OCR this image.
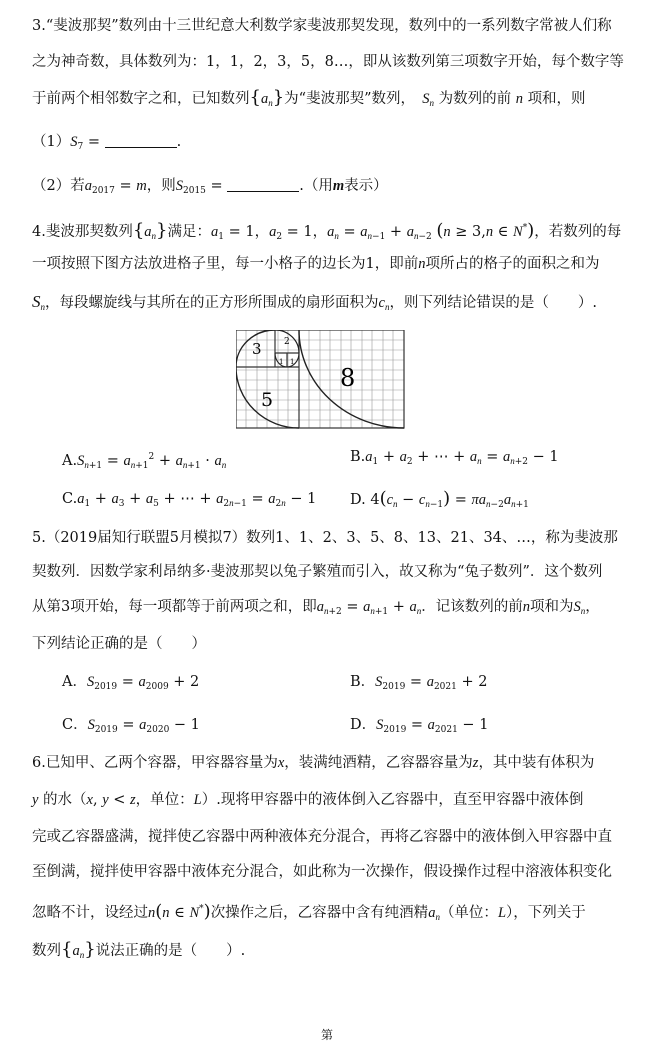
3.“斐波那契”数列由十三世纪意大利数学家斐波那契发现，数列中的一系列数字常被人们称
之为神奇数，具体数列为：1，1，2，3，5，8…，即从该数列第三项数字开始，每个数字等
于前两个相邻数字之和，已知数列$\{a_n\}$为“斐波那契”数列，　 $S_n$ 为数列的前 n 项和，则
$(1)S_7$ =	.
（2）若$a_{2017} = m$，则$S_{2015}$ =	.（用m表示）
4.斐波那契数列$\{a_n\}$满足：$a_1 = 1$，$a_2 = 1$，$a_n = a_{n-1} + a_{n-2}$ (n ≥ 3,n ∈ N*)，若数列的每
一项按照下图方法放进格子里，每一小格子的边长为1，即前n项所占的格子的面积之和为
$S_n$，每段螺旋线与其所在的正方形所围成的扇形面积为$c_n$，则下列结论错误的是（　　）.
3 2
1 1
5
8
$A.S_{n+1} = a_{n+1}^2 + a_{n+1} \cdot a_n$	$B.a_1 + a_2$ + ⋯ + $a_n = a_{n+2} - 1$
$C.a_1 + a_3 + a_5$ + ⋯ + $a_{2n-1} = a_{2n} - 1$ D. $4(c_n - c_{n-1}) = \pi a_{n-2}a_{n+1}$
5.（2019届知行联盟5月模拟7）数列1、1、2、3、5、8、13、21、34、…，称为斐波那
契数列．因数学家利昂纳多·斐波那契以兔子繁殖而引入，故又称为“兔子数列”．这个数列
从第3项开始，每一项都等于前两项之和，即$a_{n+2} = a_{n+1} + a_n$．记该数列的前n项和为$S_n$，
下列结论正确的是（　　）
A．$S_{2019} = a_{2009} + 2$	B．$S_{2019} = a_{2021} + 2$
C．$S_{2019} = a_{2020} - 1$	D．$S_{2019} = a_{2021} - 1$
6.已知甲、乙两个容器，甲容器容量为x，装满纯酒精，乙容器容量为z，其中装有体积为
y 的水（x, y < z，单位：L）.现将甲容器中的液体倒入乙容器中，直至甲容器中液体倒
完或乙容器盛满，搅拌使乙容器中两种液体充分混合，再将乙容器中的液体倒入甲容器中直
至倒满，搅拌使甲容器中液体充分混合，如此称为一次操作，假设操作过程中溶液体积变化
忽略不计，设经过n(n ∈ N*)次操作之后，乙容器中含有纯酒精$a_n$（单位：L），下列关于
数列$\{a_n\}$说法正确的是（　　）.
第
